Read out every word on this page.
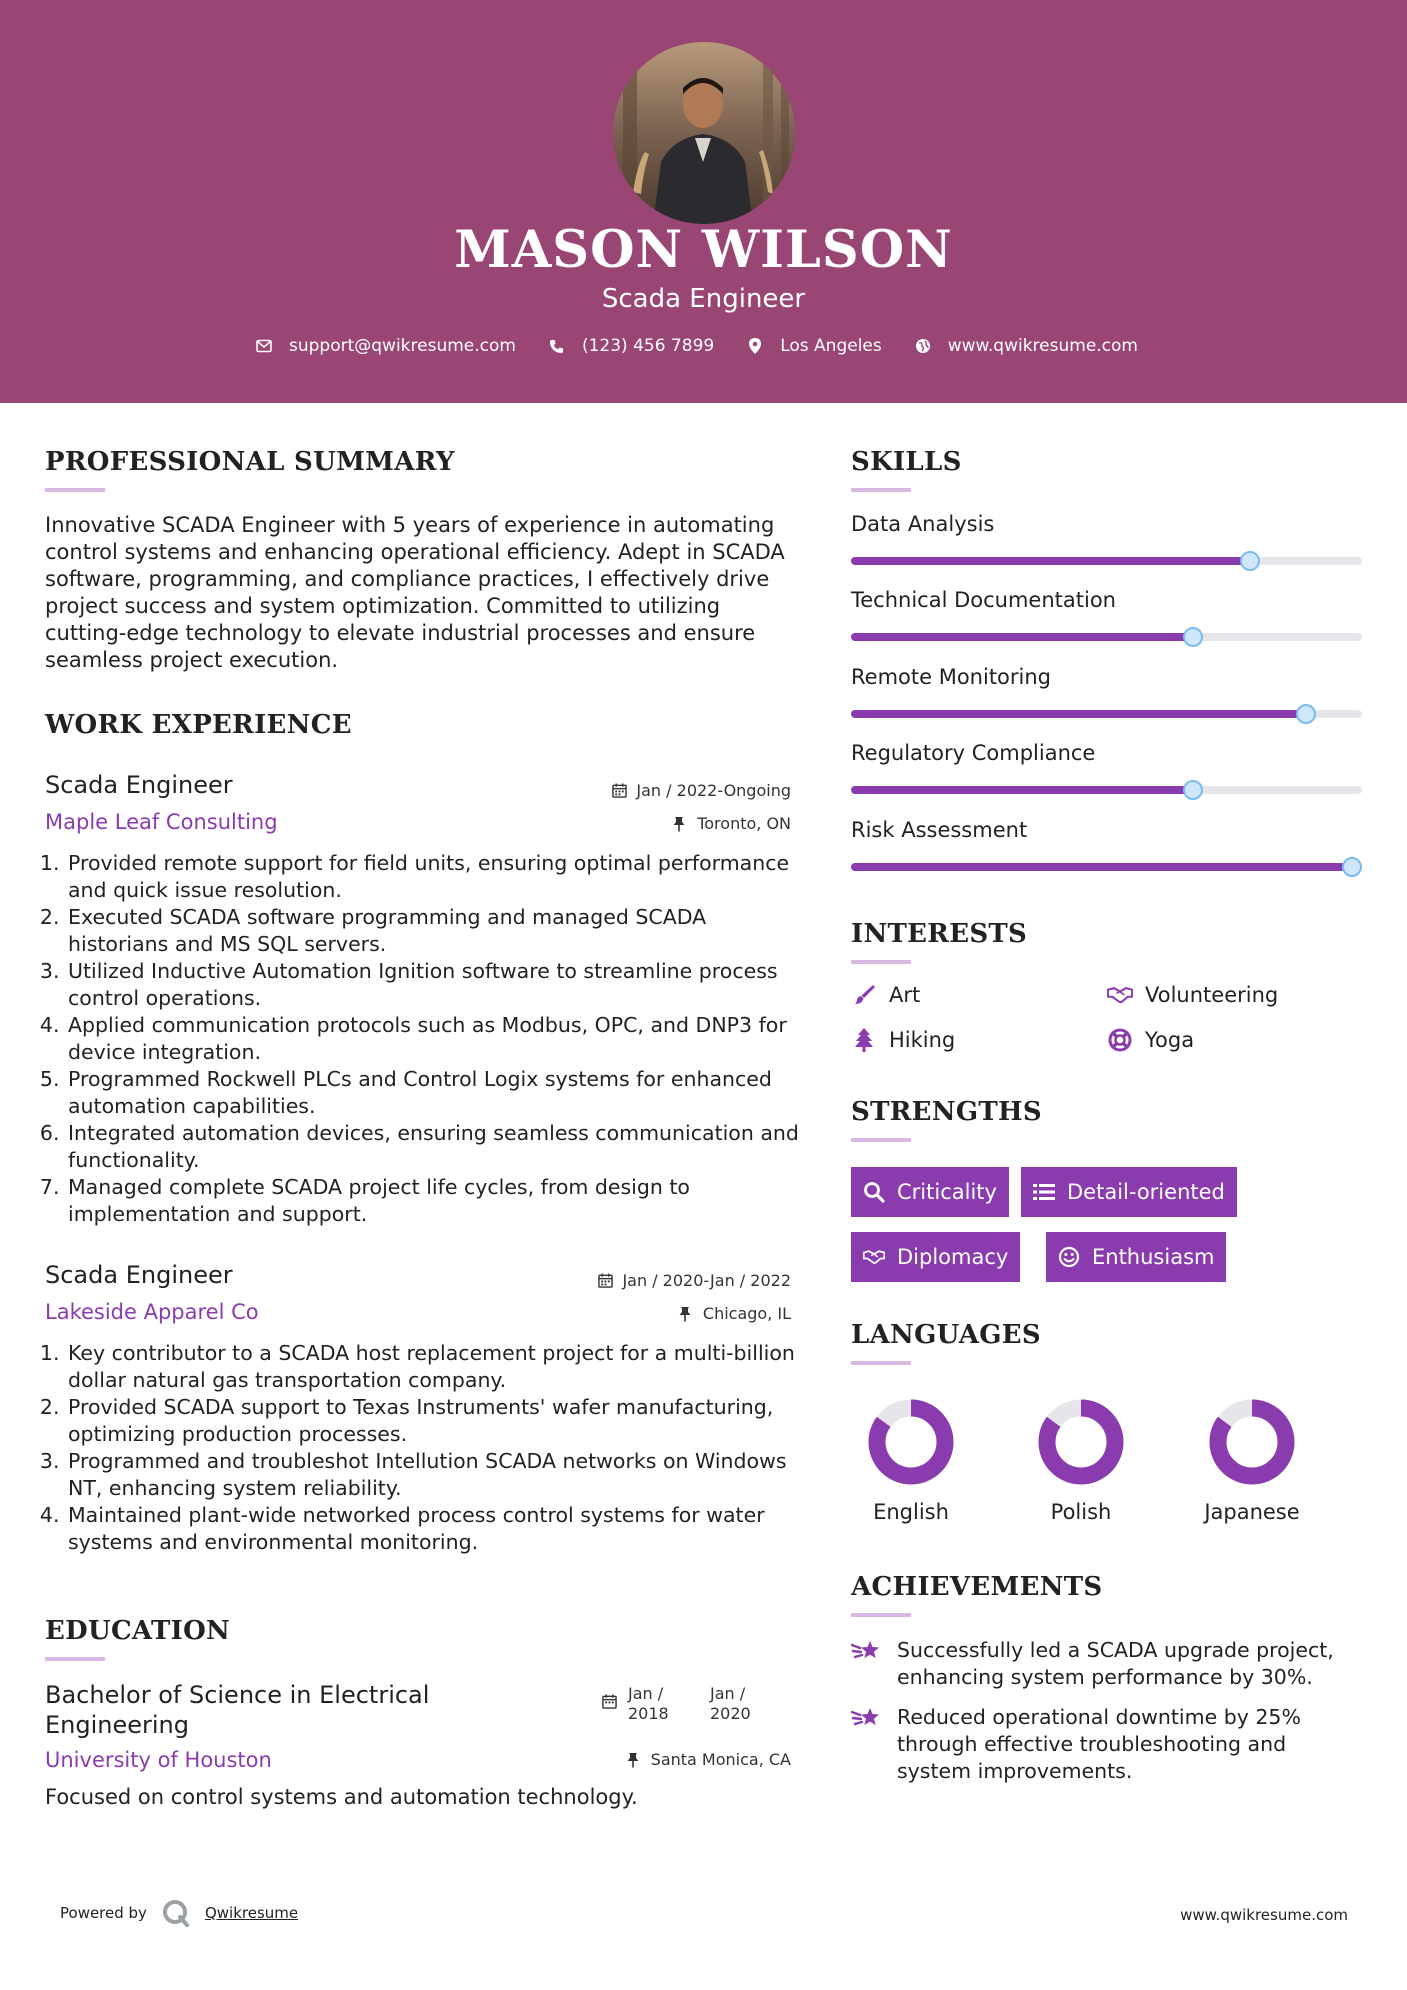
MASON WILSON
Scada Engineer
support@qwikresume.com	(123) 456 7899	Los Angeles	www.qwikresume.com
PROFESSIONAL SUMMARY
Innovative SCADA Engineer with 5 years of experience in automating
control systems and enhancing operational efficiency. Adept in SCADA
software, programming, and compliance practices, I effectively drive
project success and system optimization. Committed to utilizing
cutting-edge technology to elevate industrial processes and ensure
seamless project execution.
WORK EXPERIENCE
Scada Engineer
Maple Leaf Consulting
Jan / 2022-Ongoing
Toronto, ON
1. Provided remote support for field units, ensuring optimal performance and quick issue resolution.
2. Executed SCADA software programming and managed SCADA historians and MS SQL servers.
3. Utilized Inductive Automation Ignition software to streamline process control operations.
4. Applied communication protocols such as Modbus, OPC, and DNP3 for device integration.
5. Programmed Rockwell PLCs and Control Logix systems for enhanced automation capabilities.
6. Integrated automation devices, ensuring seamless communication and functionality.
7. Managed complete SCADA project life cycles, from design to implementation and support.
Scada Engineer
Lakeside Apparel Co
Jan / 2020-Jan / 2022
Chicago, IL
1. Key contributor to a SCADA host replacement project for a multi-billion dollar natural gas transportation company.
2. Provided SCADA support to Texas Instruments' wafer manufacturing, optimizing production processes.
3. Programmed and troubleshot Intellution SCADA networks on Windows NT, enhancing system reliability.
4. Maintained plant-wide networked process control systems for water systems and environmental monitoring.
EDUCATION
Bachelor of Science in Electrical Engineering
Jan / 2018
Jan / 2020
University of Houston	Santa Monica, CA
Focused on control systems and automation technology.
SKILLS
Data Analysis
Technical Documentation
Remote Monitoring
Regulatory Compliance
Risk Assessment
INTERESTS
Art	Volunteering
Hiking	Yoga
STRENGTHS
Criticality	Detail-oriented
Diplomacy	Enthusiasm
LANGUAGES
English	Polish	Japanese
ACHIEVEMENTS
Successfully led a SCADA upgrade project, enhancing system performance by 30%.
Reduced operational downtime by 25% through effective troubleshooting and system improvements.
Powered by	Qwikresume	www.qwikresume.com
